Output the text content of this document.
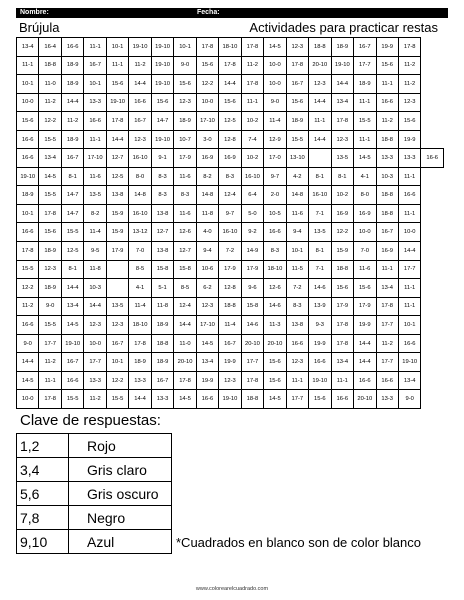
Nombre:	Fecha:
Brújula	Actividades para practicar restas
13-4	16-4	16-6	11-1	10-1	19-10	19-10	10-1	17-8	18-10	17-8	14-5	12-3	18-8	18-9	16-7	19-9	17-8	
11-1	18-8	18-9	16-7	11-1	11-2	19-10	9-0	15-6	17-8	11-2	10-0	17-8	20-10	19-10	17-7	15-6	11-2	
10-1	11-0	18-9	10-1	15-6	14-4	19-10	15-6	12-2	14-4	17-8	10-0	16-7	12-3	14-4	18-9	11-1	11-2	
10-0	11-2	14-4	13-3	19-10	16-6	15-6	12-3	10-0	15-6	11-1	9-0	15-6	14-4	13-4	11-1	16-6	12-3	
15-6	12-2	11-2	16-6	17-8	16-7	14-7	18-9	17-10	12-5	10-2	11-4	18-9	11-1	17-8	15-5	11-2	15-6	
16-6	15-5	18-9	11-1	14-4	12-3	19-10	10-7	3-0	12-8	7-4	12-9	15-5	14-4	12-3	11-1	18-8	19-9	
16-6	13-4	16-7	17-10	12-7	16-10	9-1	17-9	16-9	16-9	10-2	17-0	13-10		13-5	14-5	13-3	13-3	16-6
19-10	14-5	8-1	11-6	12-5	8-0	8-3	11-6	8-2	8-3	16-10	9-7	4-2	8-1	8-1	4-1	10-3	11-1	
18-9	15-5	14-7	13-5	13-8	14-8	8-3	8-3	14-8	12-4	6-4	2-0	14-8	16-10	10-2	8-0	18-8	16-6	
10-1	17-8	14-7	8-2	15-9	16-10	13-8	11-6	11-8	9-7	5-0	10-5	11-6	7-1	16-9	16-9	18-8	11-1	
16-6	15-6	15-5	11-4	15-9	13-12	12-7	12-6	4-0	16-10	9-2	16-6	9-4	13-5	12-2	10-0	16-7	10-0	
17-8	18-9	12-5	9-5	17-9	7-0	13-8	12-7	9-4	7-2	14-9	8-3	10-1	8-1	15-9	7-0	16-9	14-4	
15-5	12-3	8-1	11-8		8-5	15-8	15-8	10-6	17-9	17-9	18-10	11-5	7-1	18-8	11-6	11-1	17-7	
12-2	18-9	14-4	10-3		4-1	5-1	8-5	6-2	12-8	9-6	12-6	7-2	14-6	15-6	15-6	13-4	11-1	
11-2	9-0	13-4	14-4	13-5	11-4	11-8	12-4	12-3	18-8	15-8	14-6	8-3	13-9	17-9	17-9	17-8	11-1	
16-6	15-5	14-5	12-3	12-3	18-10	18-9	14-4	17-10	11-4	14-6	11-3	13-8	9-3	17-8	19-9	17-7	10-1	
9-0	17-7	19-10	10-0	16-7	17-8	18-8	11-0	14-5	16-7	20-10	20-10	16-6	19-9	17-8	14-4	11-2	16-6	
14-4	11-2	16-7	17-7	10-1	18-9	18-9	20-10	13-4	19-9	17-7	15-6	12-3	16-6	13-4	14-4	17-7	19-10	
14-5	11-1	16-6	13-3	12-2	13-3	16-7	17-8	19-9	12-3	17-8	15-6	11-1	19-10	11-1	16-6	16-6	13-4	
10-0	17-8	15-5	11-2	15-5	14-4	13-3	14-5	16-6	19-10	18-8	14-5	17-7	15-6	16-6	20-10	13-3	9-0	
Clave de respuestas:
1,2	Rojo
3,4	Gris claro
5,6	Gris oscuro
7,8	Negro
9,10	Azul	*Cuadrados en blanco son de color blanco
www.colorearelcuadrado.com
